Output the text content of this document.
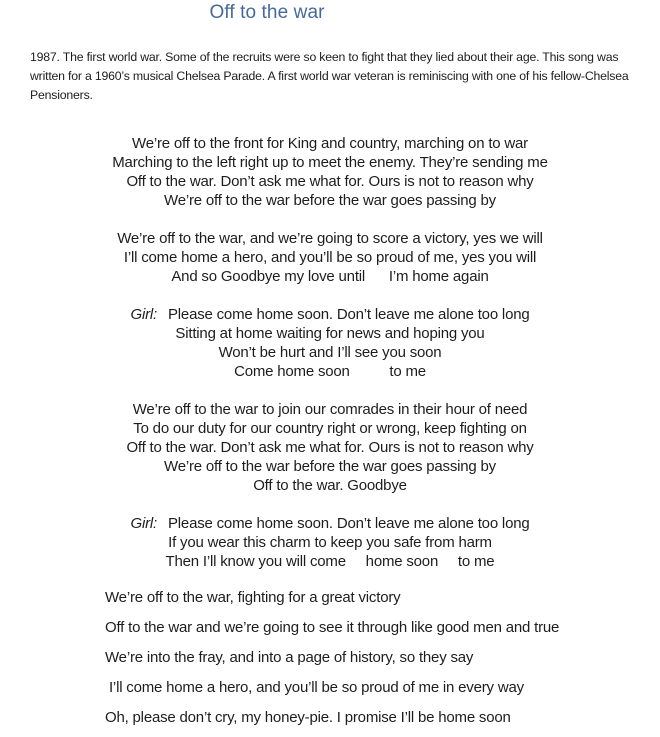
Off to the war
1987. The first world war. Some of the recruits were so keen to fight that they lied about their age. This song was
written for a 1960’s musical Chelsea Parade. A first world war veteran is reminiscing with one of his fellow-Chelsea
Pensioners.
We’re off to the front for King and country, marching on to war
Marching to the left right up to meet the enemy. They’re sending me
Off to the war. Don’t ask me what for. Ours is not to reason why
We’re off to the war before the war goes passing by
We’re off to the war, and we’re going to score a victory, yes we will
I’ll come home a hero, and you’ll be so proud of me, yes you will
And so Goodbye my love until      I’m home again
Girl: Please come home soon. Don’t leave me alone too long
Sitting at home waiting for news and hoping you
Won’t be hurt and I’ll see you soon
Come home soon          to me
We’re off to the war to join our comrades in their hour of need
To do our duty for our country right or wrong, keep fighting on
Off to the war. Don’t ask me what for. Ours is not to reason why
We’re off to the war before the war goes passing by
Off to the war. Goodbye
Girl: Please come home soon. Don’t leave me alone too long
If you wear this charm to keep you safe from harm
Then I’ll know you will come     home soon     to me
We’re off to the war, fighting for a great victory
Off to the war and we’re going to see it through like good men and true
We’re into the fray, and into a page of history, so they say
I’ll come home a hero, and you’ll be so proud of me in every way
Oh, please don’t cry, my honey-pie. I promise I’ll be home soon
